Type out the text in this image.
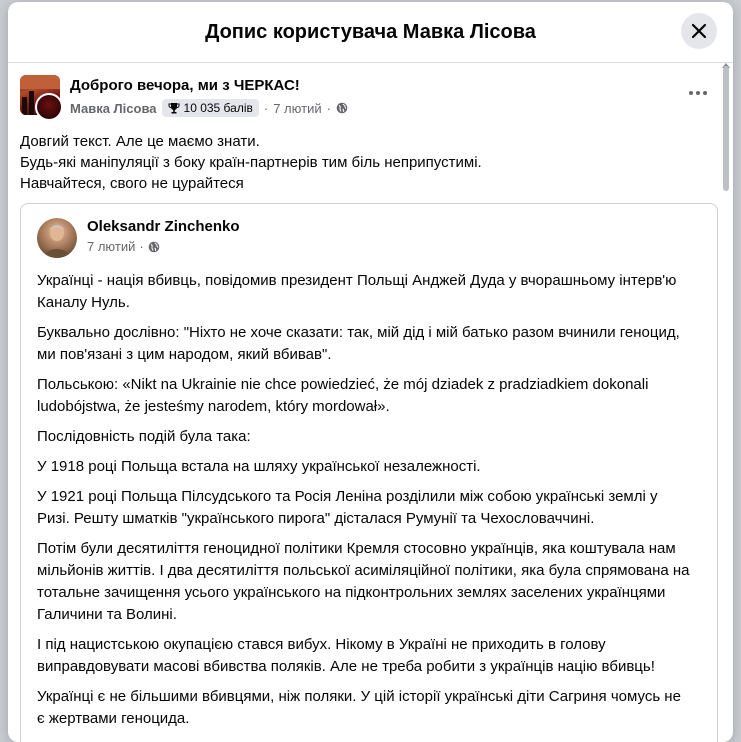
Допис користувача Мавка Лісова
Доброго вечора, ми з ЧЕРКАС!
Мавка Лісова 10 035 балів · 7 лютий ·
Довгий текст. Але це маємо знати.
Будь-які маніпуляції з боку країн-партнерів тим біль неприпустимі.
Навчайтеся, свого не цурайтеся
Oleksandr Zinchenko
7 лютий ·

Українці - нація вбивць, повідомив президент Польщі Анджей Дуда у вчорашньому інтерв'ю
Каналу Нуль.

Буквально дослівно: "Ніхто не хоче сказати: так, мій дід і мій батько разом вчинили геноцид,
ми пов'язані з цим народом, який вбивав".

Польською: «Nikt na Ukrainie nie chce powiedzieć, że mój dziadek z pradziadkiem dokonali
ludobójstwa, że jesteśmy narodem, który mordował».

Послідовність подій була така:

У 1918 році Польща встала на шляху української незалежності.

У 1921 році Польща Пілсудського та Росія Леніна розділили між собою українські землі у
Ризі. Решту шматків "українського пирога" дісталася Румунії та Чехословаччині.

Потім були десятиліття геноцидної політики Кремля стосовно українців, яка коштувала нам
мільйонів життів. І два десятиліття польської асиміляційної політики, яка була спрямована на
тотальне зачищення усього українського на підконтрольних землях заселених українцями
Галичини та Волині.

І під нацистською окупацією стався вибух. Нікому в Україні не приходить в голову
виправдовувати масові вбивства поляків. Але не треба робити з українців націю вбивць!

Українці є не більшими вбивцями, ніж поляки. У цій історії українські діти Сагриня чомусь не
є жертвами геноцида.
